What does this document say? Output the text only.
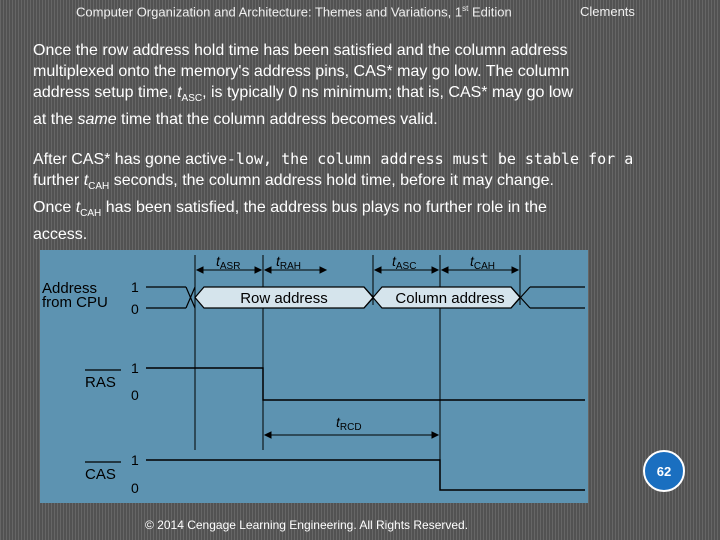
Computer Organization and Architecture: Themes and Variations, 1st Edition	Clements

Once the row address hold time has been satisfied and the column address
multiplexed onto the memory's address pins, CAS* may go low. The column
address setup time, $t_{ASC}$, is typically 0 ns minimum; that is, CAS* may go low
at the same time that the column address becomes valid.

After CAS* has gone active-low, the column address must be stable for a
further $t_{CAH}$ seconds, the column address hold time, before it may change.
Once $t_{CAH}$ has been satisfied, the address bus plays no further role in the
access.

$t_{ASR}$	$t_{RAH}$	$t_{ASC}$	$t_{CAH}$
$t_{RCD}$
Row address	Column address
Address
from CPU
RAS
CAS
1
0
1
0
1
0
62
© 2014 Cengage Learning Engineering. All Rights Reserved.
